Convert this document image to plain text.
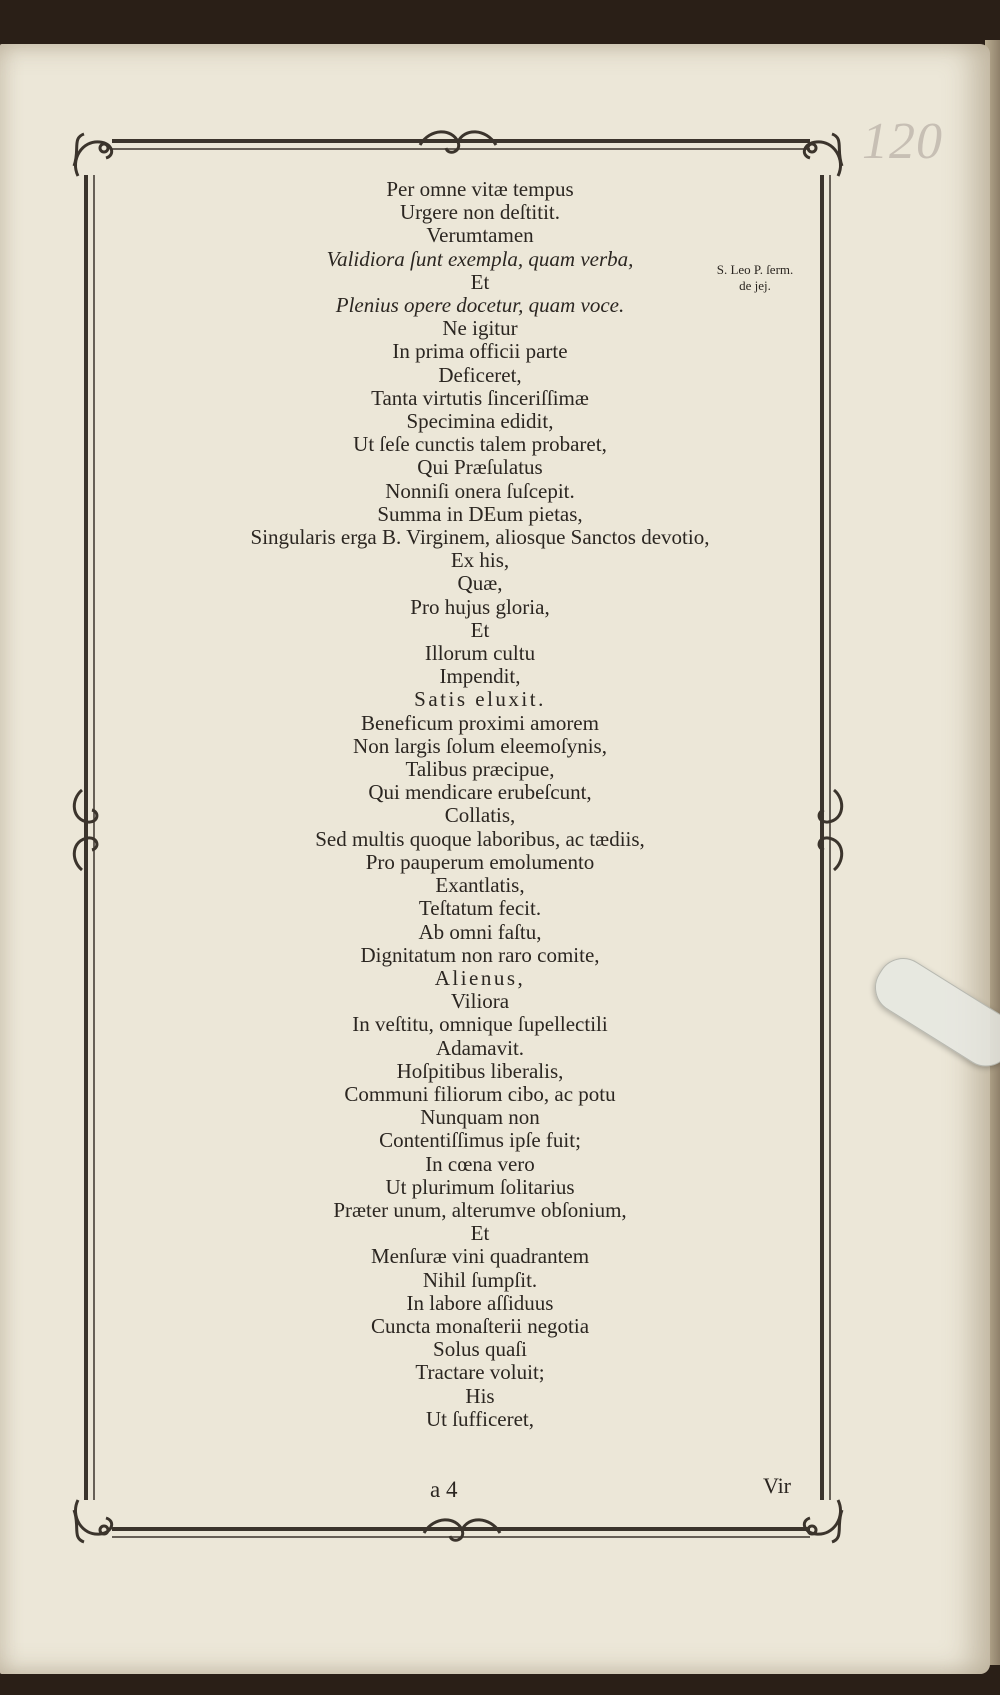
120
Per omne vitæ tempus
Urgere non deſtitit.
Verumtamen
Validiora ſunt exempla, quam verba,
Et
Plenius opere docetur, quam voce.
Ne igitur
In prima officii parte
Deficeret,
Tanta virtutis ſinceriſſimæ
Specimina edidit,
Ut ſeſe cunctis talem probaret,
Qui Præſulatus
Nonniſi onera ſuſcepit.
Summa in DEum pietas,
Singularis erga B. Virginem, aliosque Sanctos devotio,
Ex his,
Quæ,
Pro hujus gloria,
Et
Illorum cultu
Impendit,
Satis eluxit.
Beneficum proximi amorem
Non largis ſolum eleemoſynis,
Talibus præcipue,
Qui mendicare erubeſcunt,
Collatis,
Sed multis quoque laboribus, ac tædiis,
Pro pauperum emolumento
Exantlatis,
Teſtatum fecit.
Ab omni faſtu,
Dignitatum non raro comite,
Alienus,
Viliora
In veſtitu, omnique ſupellectili
Adamavit.
Hoſpitibus liberalis,
Communi filiorum cibo, ac potu
Nunquam non
Contentiſſimus ipſe fuit;
In cœna vero
Ut plurimum ſolitarius
Præter unum, alterumve obſonium,
Et
Menſuræ vini quadrantem
Nihil ſumpſit.
In labore aſſiduus
Cuncta monaſterii negotia
Solus quaſi
Tractare voluit;
His
Ut ſufficeret,
S. Leo P. ſerm.
de jej.
a 4	Vir
